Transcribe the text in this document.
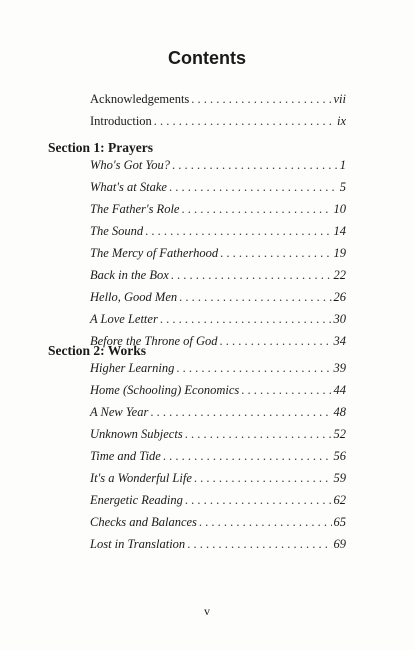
Contents
Acknowledgements . . .	vii
Introduction . . .	ix
Section 1: Prayers
Who's Got You? . . .	1
What's at Stake . . .	5
The Father's Role . . .	10
The Sound . . .	14
The Mercy of Fatherhood . . .	19
Back in the Box . . .	22
Hello, Good Men . . .	26
A Love Letter . . .	30
Before the Throne of God . . .	34
Section 2: Works
Higher Learning . . .	39
Home (Schooling) Economics . . .	44
A New Year . . .	48
Unknown Subjects . . .	52
Time and Tide . . .	56
It's a Wonderful Life . . .	59
Energetic Reading . . .	62
Checks and Balances . . .	65
Lost in Translation . . .	69
v
